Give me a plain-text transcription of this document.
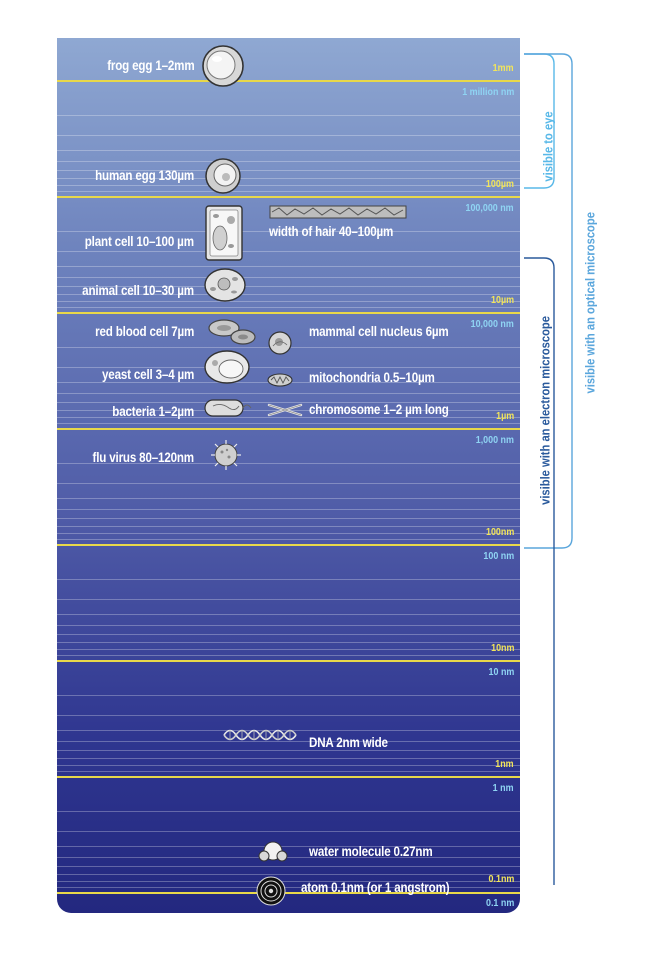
1mm
1 million nm
100µm
100,000 nm
10µm
10,000 nm
1µm
1,000 nm
100nm
100 nm
10nm
10 nm
1nm
1 nm
0.1nm
0.1 nm
frog egg 1–2mm
human egg 130µm
plant cell 10–100 µm
animal cell 10–30 µm
red blood cell 7µm
yeast cell 3–4 µm
bacteria 1–2µm
flu virus 80–120nm
width of hair 40–100µm
mammal cell nucleus 6µm
mitochondria 0.5–10µm
chromosome 1–2 µm long
DNA 2nm wide
water molecule 0.27nm
atom 0.1nm (or 1 angstrom)
visible to eye
visible with an optical microscope
visible with an electron microscope
